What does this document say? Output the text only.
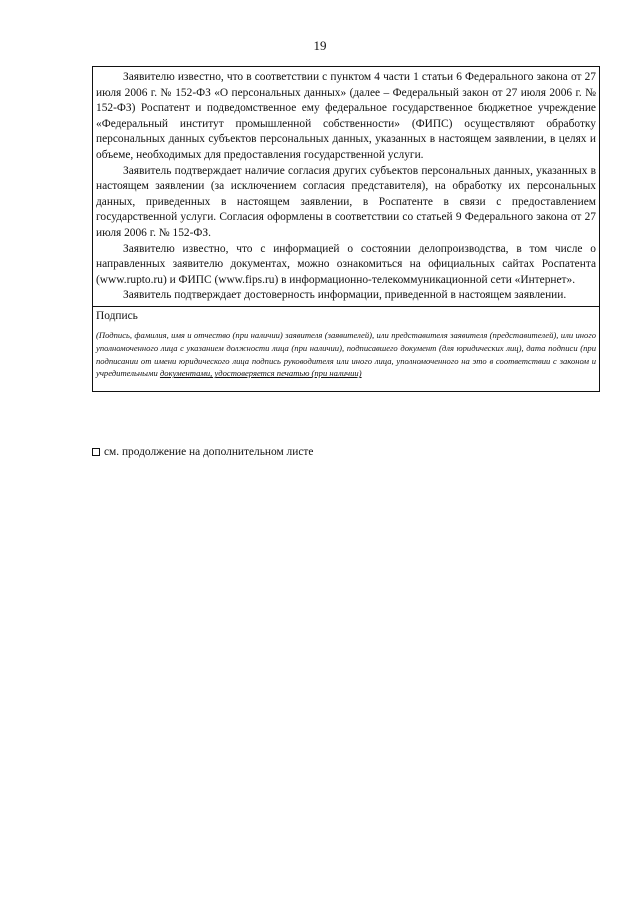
19

Заявителю известно, что в соответствии с пунктом 4 части 1 статьи 6 Федерального закона от 27 июля 2006 г. № 152-ФЗ «О персональных данных» (далее – Федеральный закон от 27 июля 2006 г. № 152-ФЗ) Роспатент и подведомственное ему федеральное государственное бюджетное учреждение «Федеральный институт промышленной собственности» (ФИПС) осуществляют обработку персональных данных субъектов персональных данных, указанных в настоящем заявлении, в целях и объеме, необходимых для предоставления государственной услуги.

Заявитель подтверждает наличие согласия других субъектов персональных данных, указанных в настоящем заявлении (за исключением согласия представителя), на обработку их персональных данных, приведенных в настоящем заявлении, в Роспатенте в связи с предоставлением государственной услуги. Согласия оформлены в соответствии со статьей 9 Федерального закона от 27 июля 2006 г. № 152-ФЗ.

Заявителю известно, что с информацией о состоянии делопроизводства, в том числе о направленных заявителю документах, можно ознакомиться на официальных сайтах Роспатента (www.rupto.ru) и ФИПС (www.fips.ru) в информационно-телекоммуникационной сети «Интернет».

Заявитель подтверждает достоверность информации, приведенной в настоящем заявлении.

Подпись
(Подпись, фамилия, имя и отчество (при наличии) заявителя (заявителей), или представителя заявителя (представителей), или иного уполномоченного лица с указанием должности лица (при наличии), подписавшего документ (для юридических лиц), дата подписи (при подписании от имени юридического лица подпись руководителя или иного лица, уполномоченного на это в соответствии с законом и учредительными документами, удостоверяется печатью (при наличии)
см. продолжение на дополнительном листе
